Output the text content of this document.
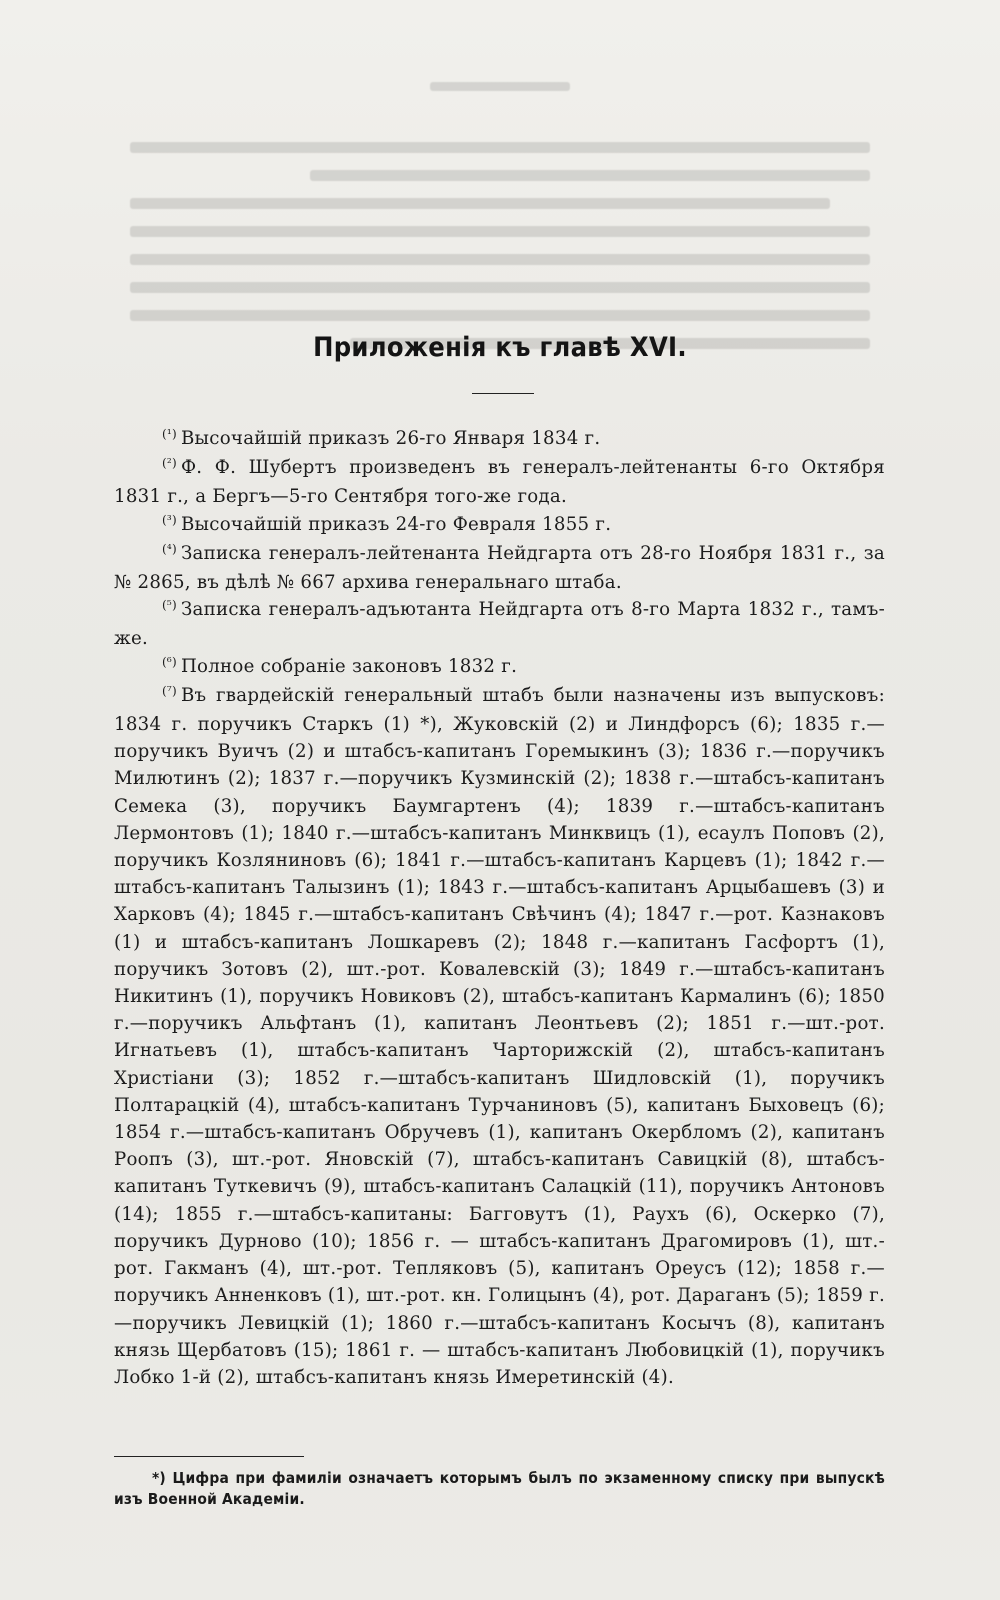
Приложенія къ главѣ XVI.

$^{(^1)}$ Высочайшій приказъ 26-го Января 1834 г.

$^{(^2)}$ Ф. Ф. Шубертъ произведенъ въ генералъ-лейтенанты 6-го Октября 1831 г., а Бергъ—5-го Сентября того-же года.

$^{(^3)}$ Высочайшій приказъ 24-го Февраля 1855 г.

$^{(^4)}$ Записка генералъ-лейтенанта Нейдгарта отъ 28-го Ноября 1831 г., за № 2865, въ дѣлѣ № 667 архива генеральнаго штаба.

$^{(^5)}$ Записка генералъ-адъютанта Нейдгарта отъ 8-го Марта 1832 г., тамъ-же.

$^{(^6)}$ Полное собраніе законовъ 1832 г.

$^{(^7)}$ Въ гвардейскій генеральный штабъ были назначены изъ выпусковъ: 1834 г. поручикъ Старкъ (1) *), Жуковскій (2) и Линдфорсъ (6); 1835 г.—поручикъ Вуичъ (2) и штабсъ-капитанъ Горемыкинъ (3); 1836 г.—поручикъ Милютинъ (2); 1837 г.—поручикъ Кузминскій (2); 1838 г.—штабсъ-капитанъ Семека (3), поручикъ Баумгартенъ (4); 1839 г.—штабсъ-капитанъ Лермонтовъ (1); 1840 г.—штабсъ-капитанъ Минквицъ (1), есаулъ Поповъ (2), поручикъ Козляниновъ (6); 1841 г.—штабсъ-капитанъ Карцевъ (1); 1842 г.—штабсъ-капитанъ Талызинъ (1); 1843 г.—штабсъ-капитанъ Арцыбашевъ (3) и Харковъ (4); 1845 г.—штабсъ-капитанъ Свѣчинъ (4); 1847 г.—рот. Казнаковъ (1) и штабсъ-капитанъ Лошкаревъ (2); 1848 г.—капитанъ Гасфортъ (1), поручикъ Зотовъ (2), шт.-рот. Ковалевскій (3); 1849 г.—штабсъ-капитанъ Никитинъ (1), поручикъ Новиковъ (2), штабсъ-капитанъ Кармалинъ (6); 1850 г.—поручикъ Альфтанъ (1), капитанъ Леонтьевъ (2); 1851 г.—шт.-рот. Игнатьевъ (1), штабсъ-капитанъ Чарторижскій (2), штабсъ-капитанъ Христіани (3); 1852 г.—штабсъ-капитанъ Шидловскій (1), поручикъ Полтарацкій (4), штабсъ-капитанъ Турчаниновъ (5), капитанъ Быховецъ (6); 1854 г.—штабсъ-капитанъ Обручевъ (1), капитанъ Окербломъ (2), капитанъ Роопъ (3), шт.-рот. Яновскій (7), штабсъ-капитанъ Савицкій (8), штабсъ-капитанъ Туткевичъ (9), штабсъ-капитанъ Салацкій (11), поручикъ Антоновъ (14); 1855 г.—штабсъ-капитаны: Багговутъ (1), Раухъ (6), Оскерко (7), поручикъ Дурново (10); 1856 г. — штабсъ-капитанъ Драгомировъ (1), шт.-рот. Гакманъ (4), шт.-рот. Тепляковъ (5), капитанъ Ореусъ (12); 1858 г.—поручикъ Анненковъ (1), шт.-рот. кн. Голицынъ (4), рот. Дараганъ (5); 1859 г.—поручикъ Левицкій (1); 1860 г.—штабсъ-капитанъ Косычъ (8), капитанъ князь Щербатовъ (15); 1861 г. — штабсъ-капитанъ Любовицкій (1), поручикъ Лобко 1-й (2), штабсъ-капитанъ князь Имеретинскій (4).

*) Цифра при фамиліи означаетъ которымъ былъ по экзаменному списку при выпускѣ изъ Военной Академіи.
